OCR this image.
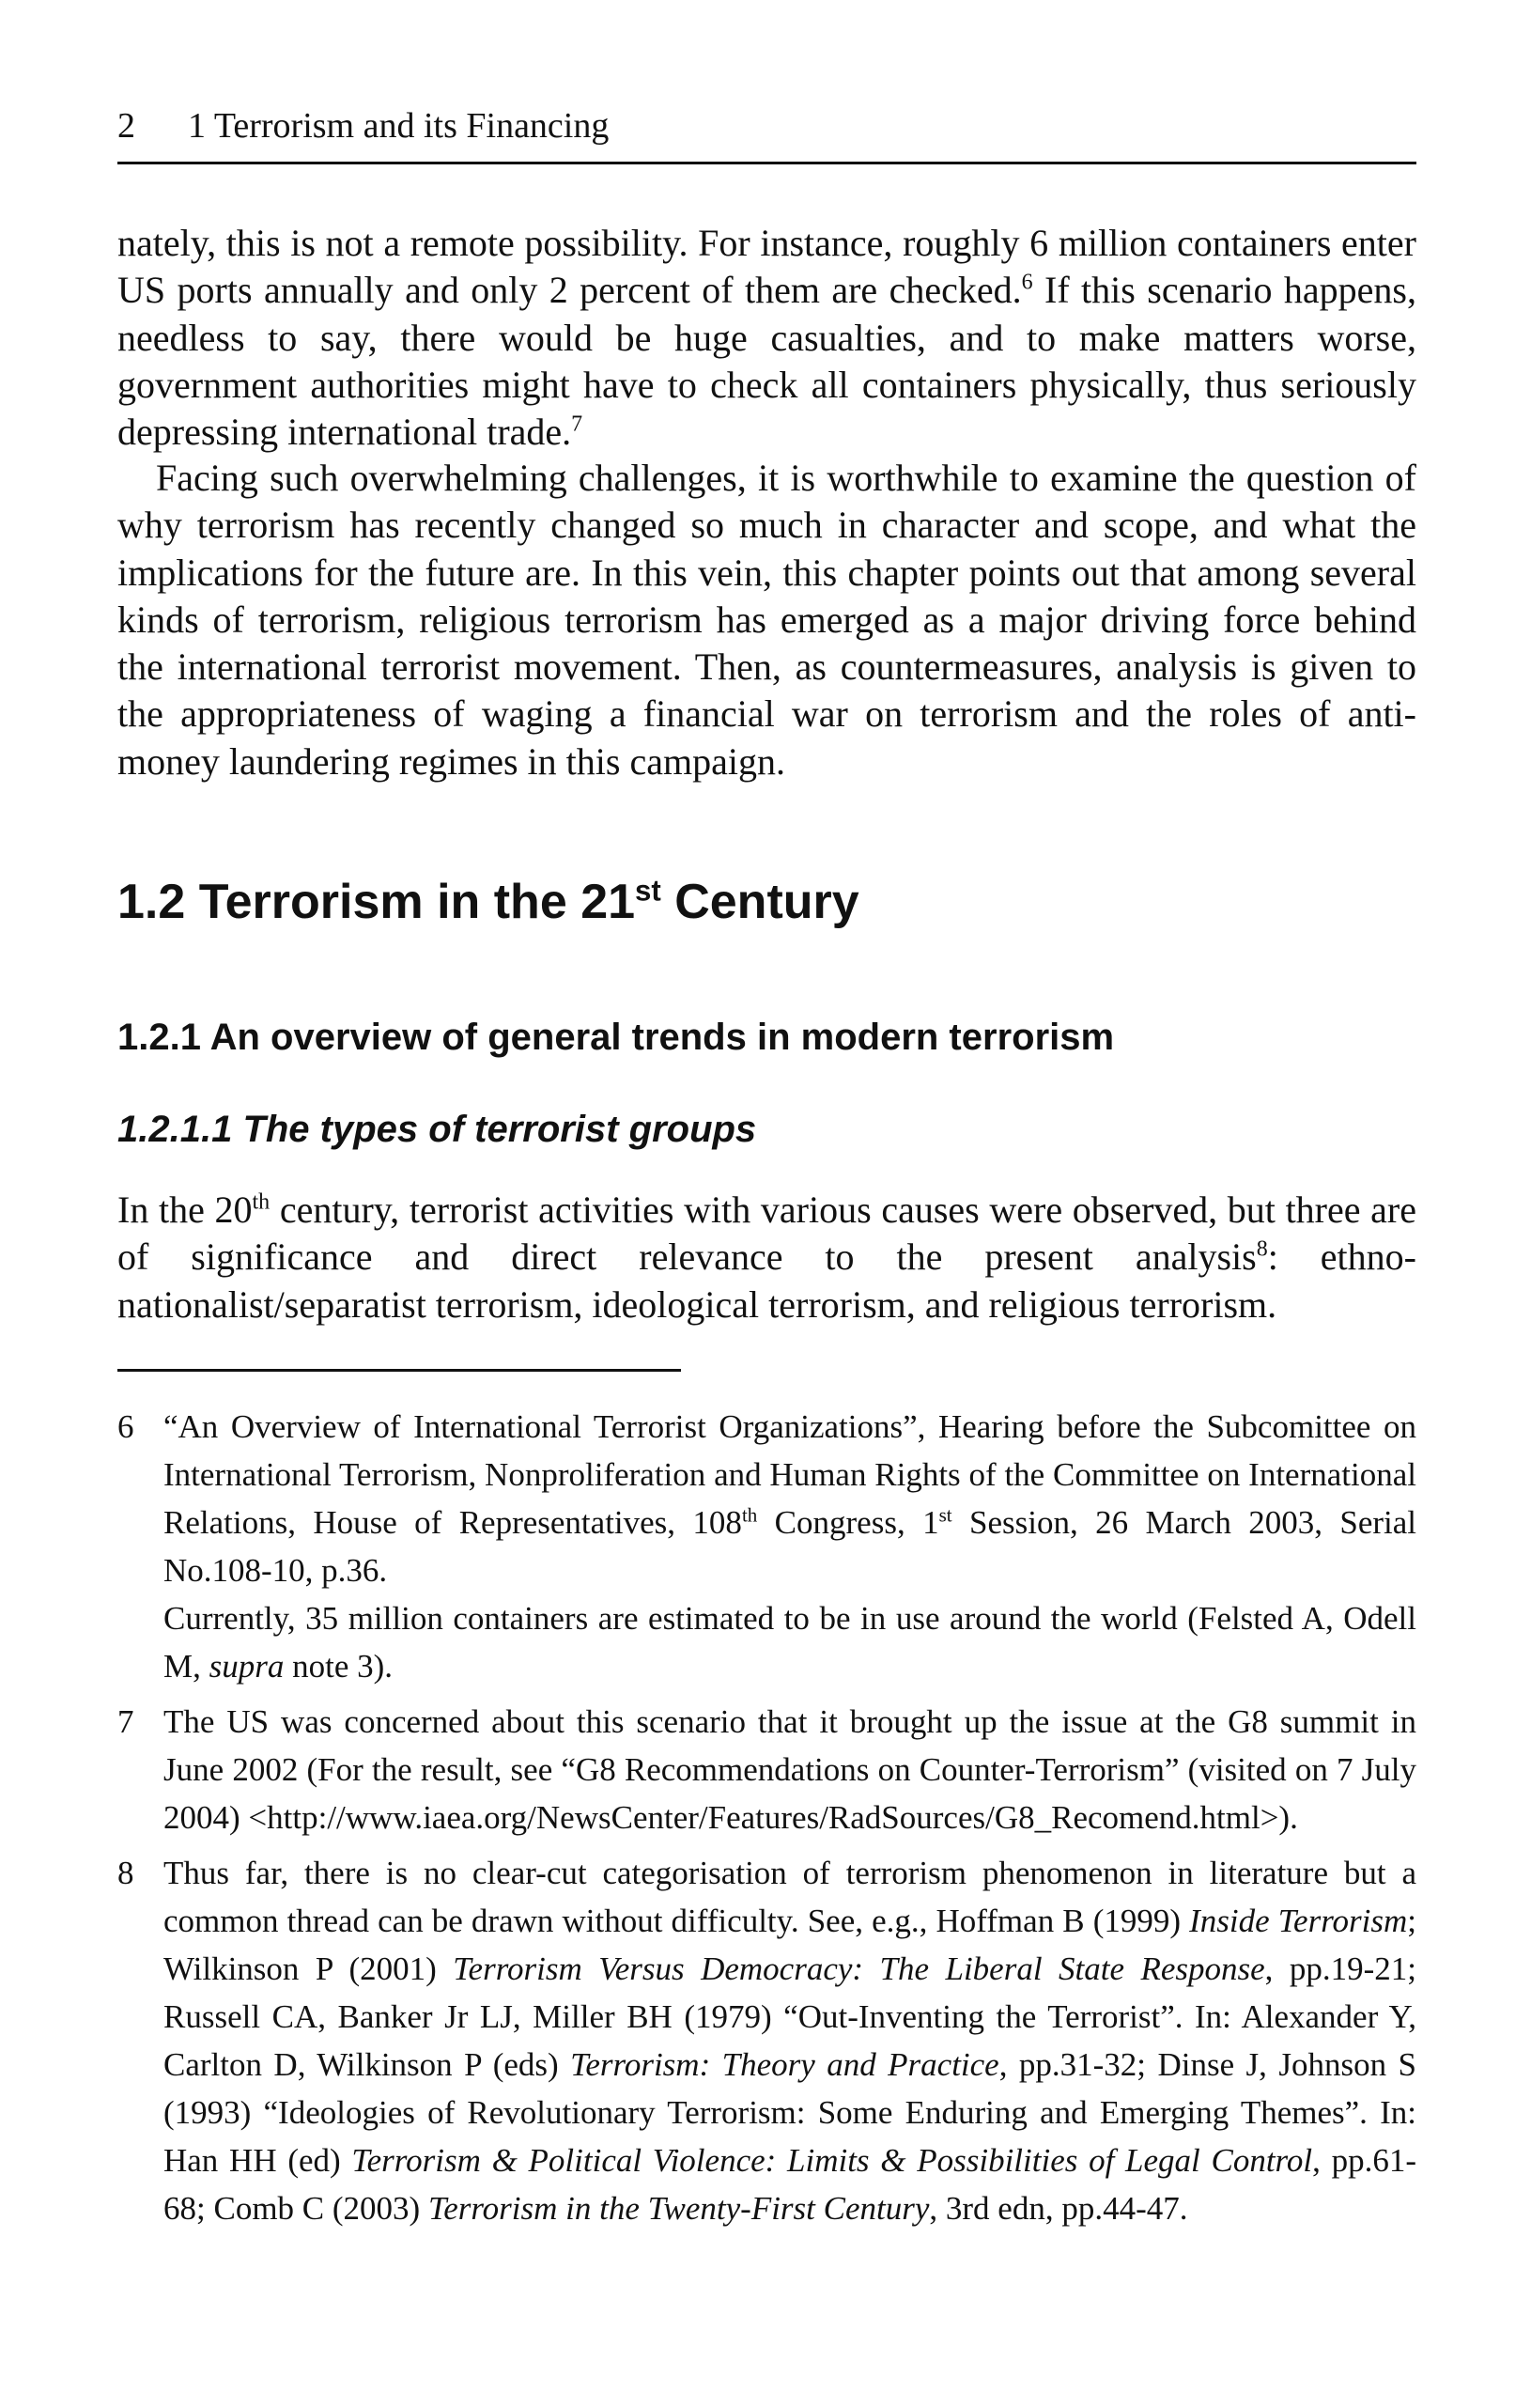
2 1 Terrorism and its Financing

nately, this is not a remote possibility. For instance, roughly 6 million containers enter US ports annually and only 2 percent of them are checked.$^6$ If this scenario happens, needless to say, there would be huge casualties, and to make matters worse, government authorities might have to check all containers physically, thus seriously depressing international trade.$^7$

Facing such overwhelming challenges, it is worthwhile to examine the question of why terrorism has recently changed so much in character and scope, and what the implications for the future are. In this vein, this chapter points out that among several kinds of terrorism, religious terrorism has emerged as a major driving force behind the international terrorist movement. Then, as countermeasures, analysis is given to the appropriateness of waging a financial war on terrorism and the roles of anti-money laundering regimes in this campaign.

1.2 Terrorism in the 21st Century
1.2.1 An overview of general trends in modern terrorism
1.2.1.1 The types of terrorist groups

In the 20th century, terrorist activities with various causes were observed, but three are of significance and direct relevance to the present analysis$^8$: ethno-nationalist/separatist terrorism, ideological terrorism, and religious terrorism.

6 “An Overview of International Terrorist Organizations”, Hearing before the Subcomittee on International Terrorism, Nonproliferation and Human Rights of the Committee on International Relations, House of Representatives, 108th Congress, 1st Session, 26 March 2003, Serial No.108-10, p.36.
Currently, 35 million containers are estimated to be in use around the world (Felsted A, Odell M, supra note 3).
7 The US was concerned about this scenario that it brought up the issue at the G8 summit in June 2002 (For the result, see “G8 Recommendations on Counter-Terrorism” (visited on 7 July 2004) <http://www.iaea.org/NewsCenter/Features/RadSources/G8_Recomend.html>).
8 Thus far, there is no clear-cut categorisation of terrorism phenomenon in literature but a common thread can be drawn without difficulty. See, e.g., Hoffman B (1999) Inside Terrorism; Wilkinson P (2001) Terrorism Versus Democracy: The Liberal State Response, pp.19-21; Russell CA, Banker Jr LJ, Miller BH (1979) “Out-Inventing the Terrorist”. In: Alexander Y, Carlton D, Wilkinson P (eds) Terrorism: Theory and Practice, pp.31-32; Dinse J, Johnson S (1993) “Ideologies of Revolutionary Terrorism: Some Enduring and Emerging Themes”. In: Han HH (ed) Terrorism & Political Violence: Limits & Possibilities of Legal Control, pp.61-68; Comb C (2003) Terrorism in the Twenty-First Century, 3rd edn, pp.44-47.
